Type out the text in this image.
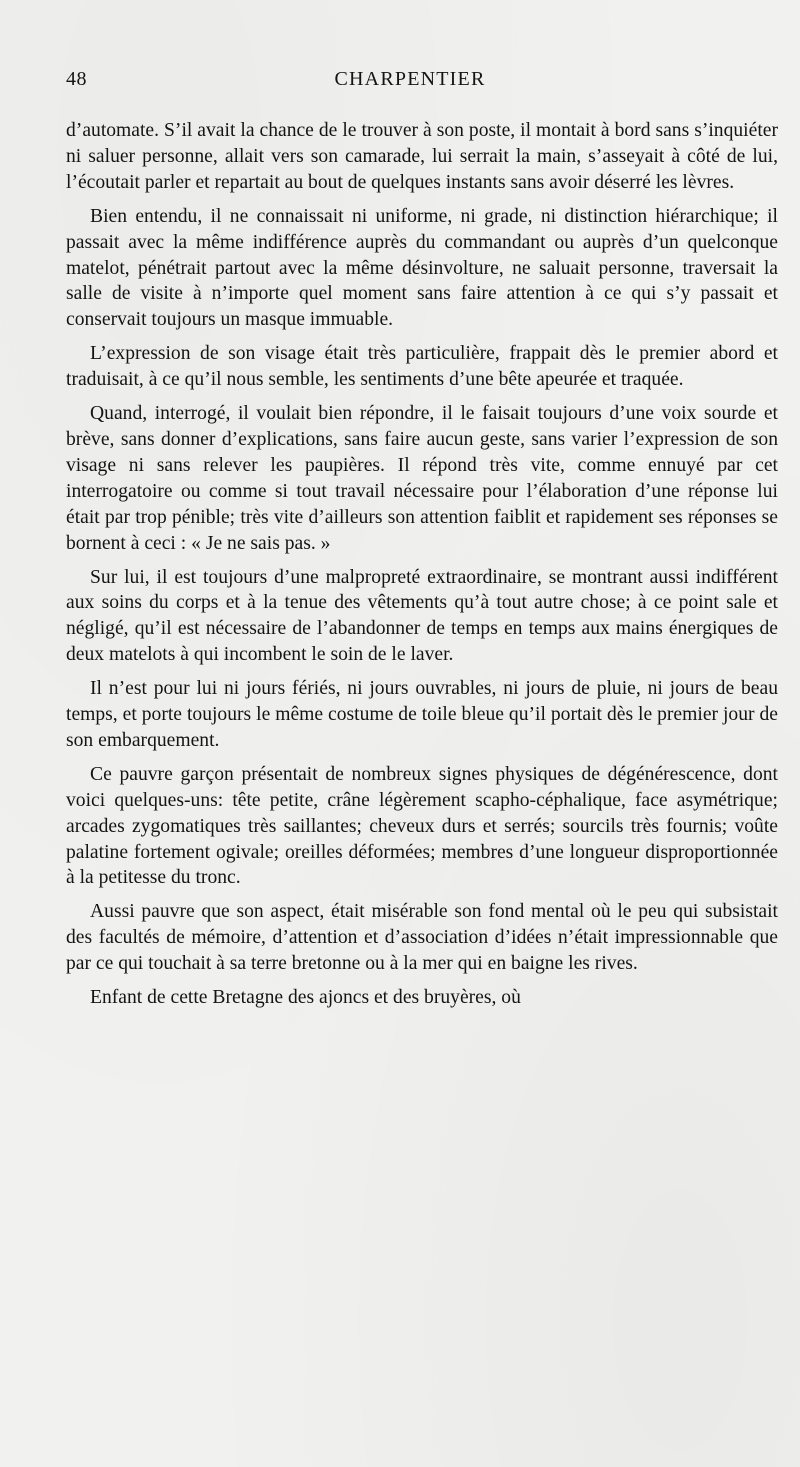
48	CHARPENTIER

d’automate. S’il avait la chance de le trouver à son poste, il montait à bord sans s’inquiéter ni saluer personne, allait vers son camarade, lui serrait la main, s’asseyait à côté de lui, l’écoutait parler et repartait au bout de quelques instants sans avoir déserré les lèvres.

Bien entendu, il ne connaissait ni uniforme, ni grade, ni distinction hiérarchique; il passait avec la même indifférence auprès du commandant ou auprès d’un quelconque matelot, pénétrait partout avec la même désinvolture, ne saluait personne, traversait la salle de visite à n’importe quel moment sans faire attention à ce qui s’y passait et conservait toujours un masque immuable.

L’expression de son visage était très particulière, frappait dès le premier abord et traduisait, à ce qu’il nous semble, les sentiments d’une bête apeurée et traquée.

Quand, interrogé, il voulait bien répondre, il le faisait toujours d’une voix sourde et brève, sans donner d’explications, sans faire aucun geste, sans varier l’expression de son visage ni sans relever les paupières. Il répond très vite, comme ennuyé par cet interrogatoire ou comme si tout travail nécessaire pour l’élaboration d’une réponse lui était par trop pénible; très vite d’ailleurs son attention faiblit et rapidement ses réponses se bornent à ceci : « Je ne sais pas. »

Sur lui, il est toujours d’une malpropreté extraordinaire, se montrant aussi indifférent aux soins du corps et à la tenue des vêtements qu’à tout autre chose; à ce point sale et négligé, qu’il est nécessaire de l’abandonner de temps en temps aux mains énergiques de deux matelots à qui incombent le soin de le laver.

Il n’est pour lui ni jours fériés, ni jours ouvrables, ni jours de pluie, ni jours de beau temps, et porte toujours le même costume de toile bleue qu’il portait dès le premier jour de son embarquement.

Ce pauvre garçon présentait de nombreux signes physiques de dégénérescence, dont voici quelques-uns: tête petite, crâne légèrement scapho-céphalique, face asymétrique; arcades zygomatiques très saillantes; cheveux durs et serrés; sourcils très fournis; voûte palatine fortement ogivale; oreilles déformées; membres d’une longueur disproportionnée à la petitesse du tronc.

Aussi pauvre que son aspect, était misérable son fond mental où le peu qui subsistait des facultés de mémoire, d’attention et d’association d’idées n’était impressionnable que par ce qui touchait à sa terre bretonne ou à la mer qui en baigne les rives.

Enfant de cette Bretagne des ajoncs et des bruyères, où
